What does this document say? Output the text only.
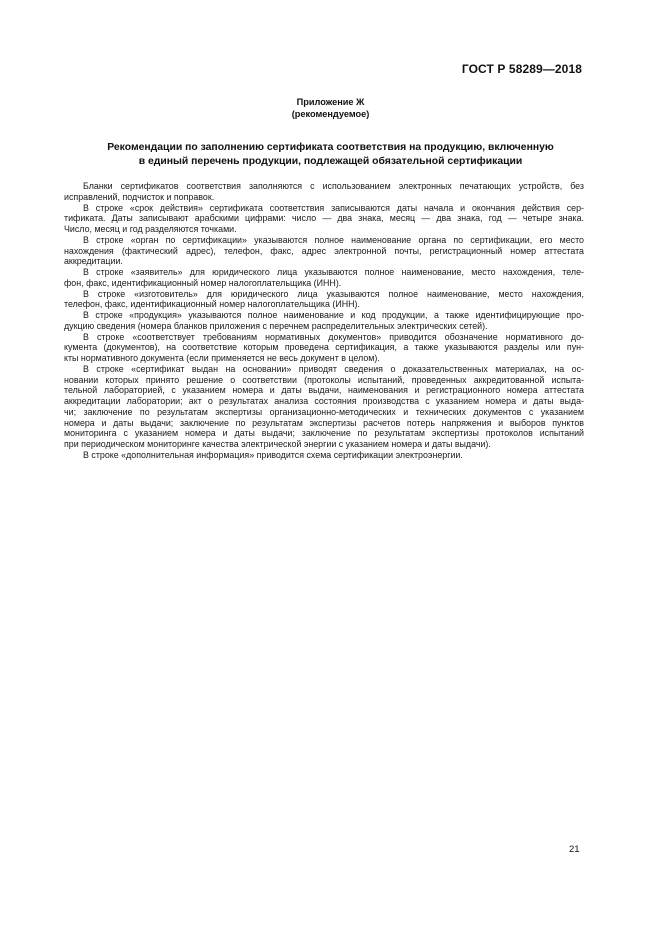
ГОСТ Р 58289—2018
Приложение Ж
(рекомендуемое)
Рекомендации по заполнению сертификата соответствия на продукцию, включенную
в единый перечень продукции, подлежащей обязательной сертификации
Бланки сертификатов соответствия заполняются с использованием электронных печатающих устройств, без
исправлений, подчисток и поправок.
В строке «срок действия» сертификата соответствия записываются даты начала и окончания действия сер-
тификата. Даты записывают арабскими цифрами: число — два знака, месяц — два знака, год — четыре знака.
Число, месяц и год разделяются точками.
В строке «орган по сертификации» указываются полное наименование органа по сертификации, его место
нахождения (фактический адрес), телефон, факс, адрес электронной почты, регистрационный номер аттестата
аккредитации.
В строке «заявитель» для юридического лица указываются полное наименование, место нахождения, теле-
фон, факс, идентификационный номер налогоплательщика (ИНН).
В строке «изготовитель» для юридического лица указываются полное наименование, место нахождения,
телефон, факс, идентификационный номер налогоплательщика (ИНН).
В строке «продукция» указываются полное наименование и код продукции, а также идентифицирующие про-
дукцию сведения (номера бланков приложения с перечнем распределительных электрических сетей).
В строке «соответствует требованиям нормативных документов» приводится обозначение нормативного до-
кумента (документов), на соответствие которым проведена сертификация, а также указываются разделы или пун-
кты нормативного документа (если применяется не весь документ в целом).
В строке «сертификат выдан на основании» приводят сведения о доказательственных материалах, на ос-
новании которых принято решение о соответствии (протоколы испытаний, проведенных аккредитованной испыта-
тельной лабораторией, с указанием номера и даты выдачи, наименования и регистрационного номера аттестата
аккредитации лаборатории; акт о результатах анализа состояния производства с указанием номера и даты выда-
чи; заключение по результатам экспертизы организационно-методических и технических документов с указанием
номера и даты выдачи; заключение по результатам экспертизы расчетов потерь напряжения и выборов пунктов
мониторинга с указанием номера и даты выдачи; заключение по результатам экспертизы протоколов испытаний
при периодическом мониторинге качества электрической энергии с указанием номера и даты выдачи).
В строке «дополнительная информация» приводится схема сертификации электроэнергии.
21
